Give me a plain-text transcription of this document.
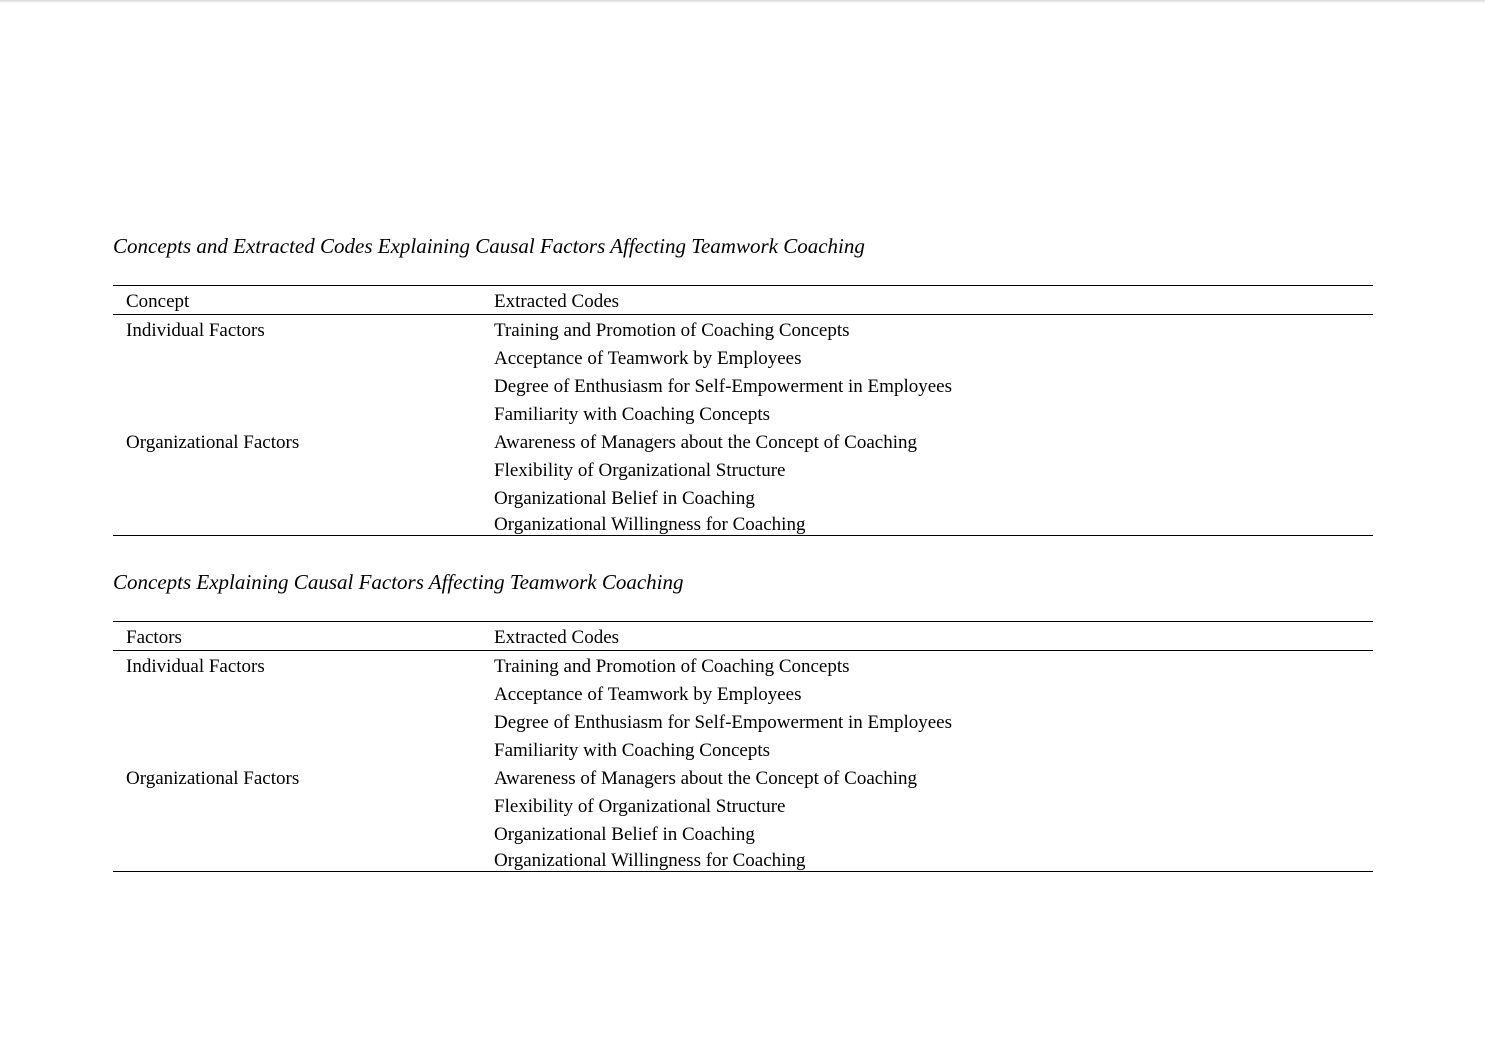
Concepts and Extracted Codes Explaining Causal Factors Affecting Teamwork Coaching
Concept	Extracted Codes
Individual Factors	Training and Promotion of Coaching Concepts
Acceptance of Teamwork by Employees
Degree of Enthusiasm for Self-Empowerment in Employees
Familiarity with Coaching Concepts
Organizational Factors	Awareness of Managers about the Concept of Coaching
Flexibility of Organizational Structure
Organizational Belief in Coaching
Organizational Willingness for Coaching
Concepts Explaining Causal Factors Affecting Teamwork Coaching
Factors	Extracted Codes
Individual Factors	Training and Promotion of Coaching Concepts
Acceptance of Teamwork by Employees
Degree of Enthusiasm for Self-Empowerment in Employees
Familiarity with Coaching Concepts
Organizational Factors	Awareness of Managers about the Concept of Coaching
Flexibility of Organizational Structure
Organizational Belief in Coaching
Organizational Willingness for Coaching
